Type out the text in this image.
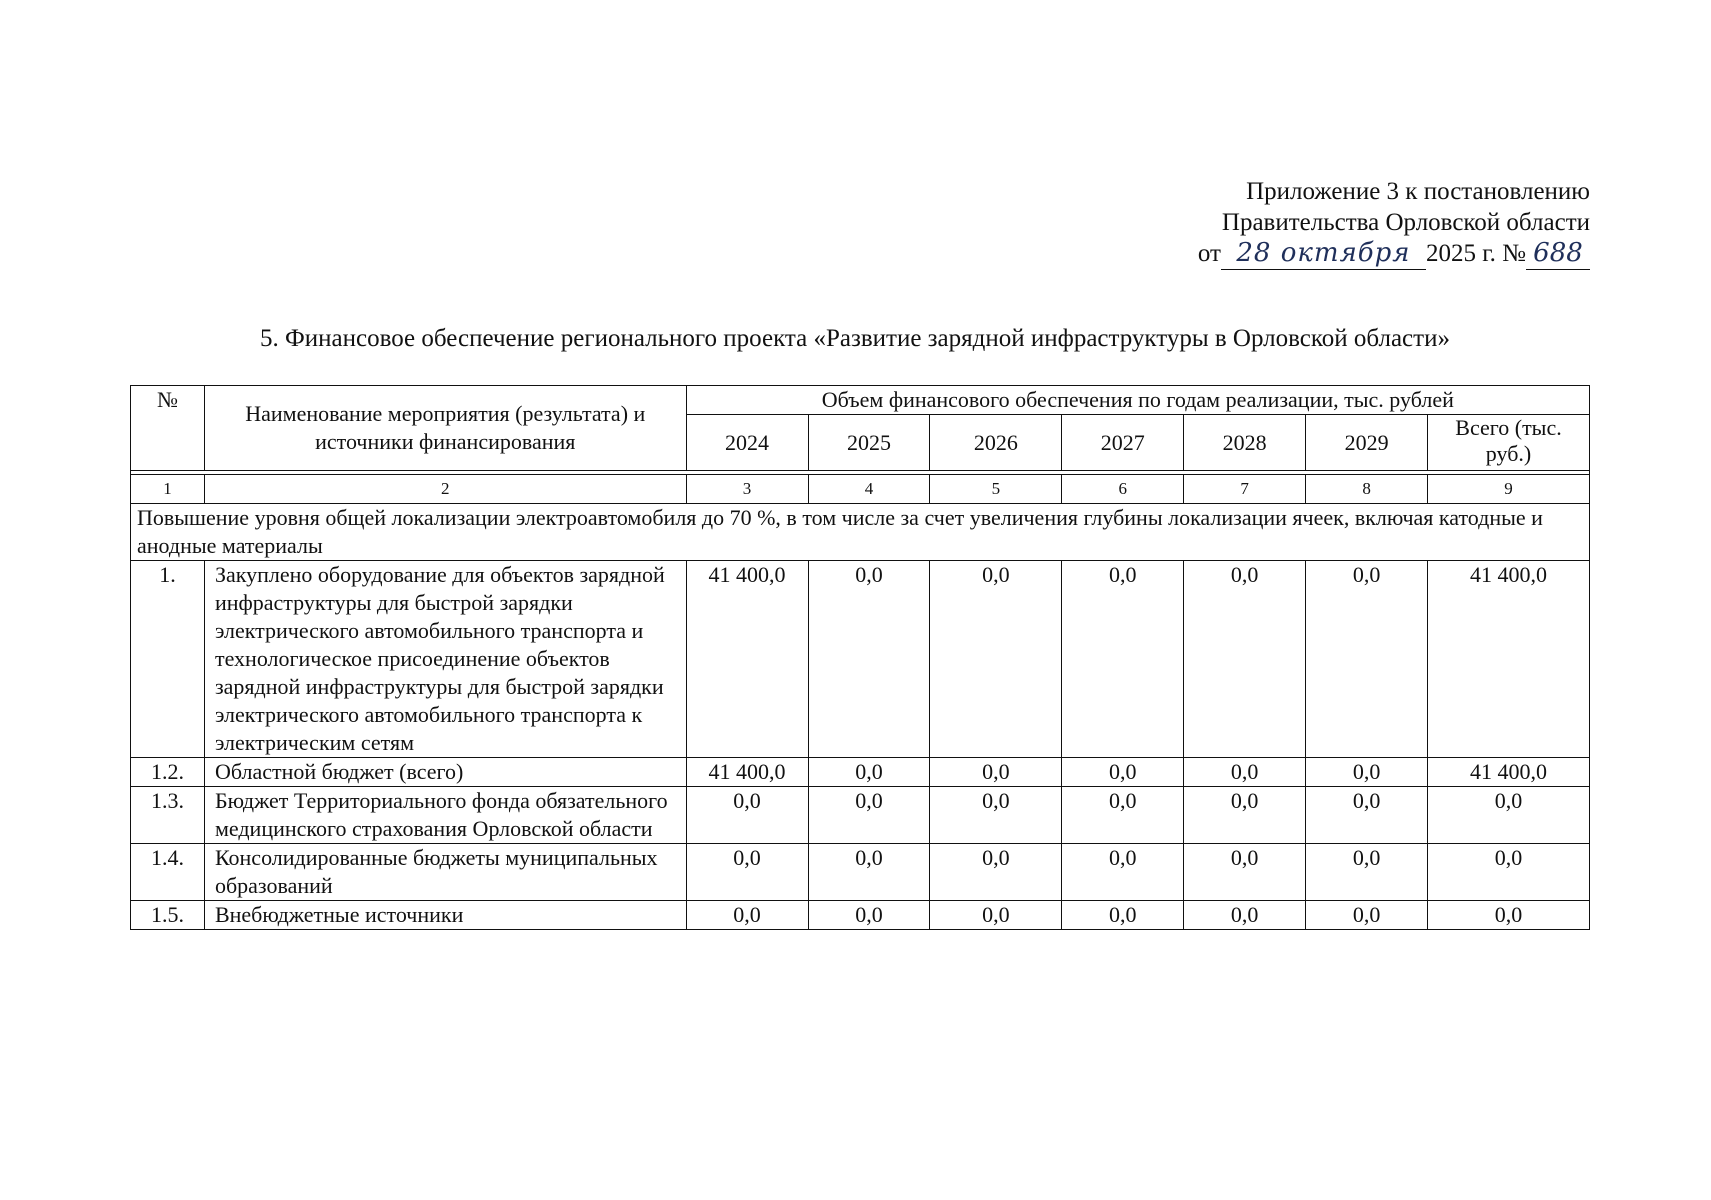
Приложение 3 к постановлению
Правительства Орловской области
от 28 октября 2025 г. № 688
5. Финансовое обеспечение регионального проекта «Развитие зарядной инфраструктуры в Орловской области»
№	Наименование мероприятия (результата) и источники финансирования	Объем финансового обеспечения по годам реализации, тыс. рублей						
		2024	2025	2026	2027	2028	2029	Всего (тыс. руб.)

1	2	3	4	5	6	7	8	9
Повышение уровня общей локализации электроавтомобиля до 70 %, в том числе за счет увеличения глубины локализации ячеек, включая катодные и анодные материалы								
1.	Закуплено оборудование для объектов зарядной инфраструктуры для быстрой зарядки электрического автомобильного транспорта и технологическое присоединение объектов зарядной инфраструктуры для быстрой зарядки электрического автомобильного транспорта к электрическим сетям	41 400,0	0,0	0,0	0,0	0,0	0,0	41 400,0
1.2.	Областной бюджет (всего)	41 400,0	0,0	0,0	0,0	0,0	0,0	41 400,0
1.3.	Бюджет Территориального фонда обязательного медицинского страхования Орловской области	0,0	0,0	0,0	0,0	0,0	0,0	0,0
1.4.	Консолидированные бюджеты муниципальных образований	0,0	0,0	0,0	0,0	0,0	0,0	0,0
1.5.	Внебюджетные источники	0,0	0,0	0,0	0,0	0,0	0,0	0,0
